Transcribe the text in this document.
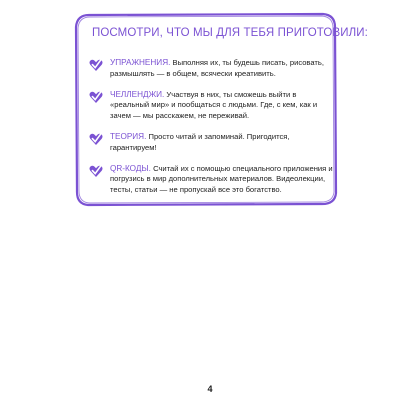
ПОСМОТРИ, ЧТО МЫ ДЛЯ ТЕБЯ ПРИГОТОВИЛИ:

УПРАЖНЕНИЯ. Выполняя их, ты будешь писать, рисовать, размышлять — в общем, всячески креативить.

ЧЕЛЛЕНДЖИ. Участвуя в них, ты сможешь выйти в «реальный мир» и пообщаться с людьми. Где, с кем, как и зачем — мы расскажем, не переживай.

ТЕОРИЯ. Просто читай и запоминай. Пригодится, гарантируем!

QR-КОДЫ. Считай их с помощью специального приложения и погрузись в мир дополнительных материалов. Видеолекции, тесты, статьи — не пропускай все это богатство.

4
